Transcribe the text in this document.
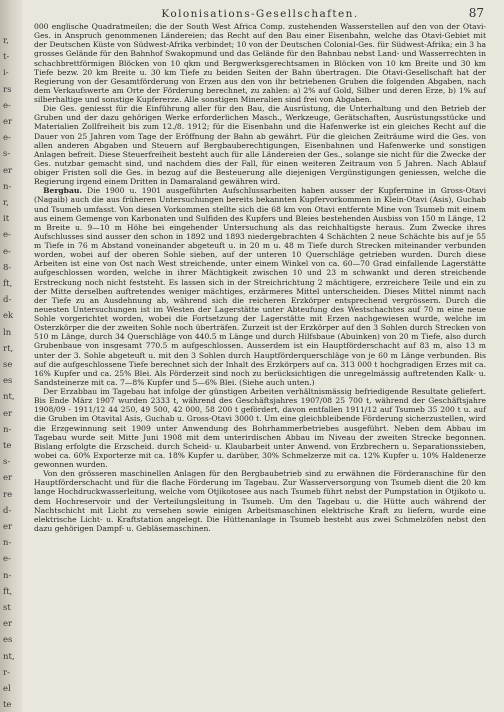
r,
t-
i-
rs
e-
er
e-
s-
er
n-
r,
it
e-
e-
8-
ft,
d-
ek
ln
rt,
se
es
nt,
er
n-
te
s-
er
re
d-
er
n-
e-
n-
ft,
st
er
es
nt,
r-
el
te
Kolonisations-Gesellschaften.	87

000 englische Quadratmeilen; die der South West Africa Comp. zustehenden Wasserstellen auf den von der Otavi-Ges. in Anspruch genommenen Ländereien; das Recht auf den Bau einer Eisenbahn, welche das Otavi-Gebiet mit der Deutschen Küste von Südwest-Afrika verbindet; 10 von der Deutschen Colonial-Ges. für Südwest-Afrika; ein 3 ha grosses Gelände für den Bahnhof Swakopmund und das Gelände für den Bahnbau nebst Land- und Wasserrechten in schachbrettförmigen Blöcken von 10 qkm und Bergwerksgerechtsamen in Blöcken von 10 km Breite und 30 km Tiefe bezw. 20 km Breite u. 30 km Tiefe zu beiden Seiten der Bahn übertragen. Die Otavi-Gesellschaft hat der Regierung von der Gesamtförderung von Erzen aus den von ihr betriebenen Gruben die folgenden Abgaben, nach dem Verkaufswerte am Orte der Förderung berechnet, zu zahlen: a) 2% auf Gold, Silber und deren Erze, b) 1% auf silberhaltige und sonstige Kupfererze. Alle sonstigen Mineralien sind frei von Abgaben.

Die Ges. geniesst für die Einführung aller für den Bau, die Ausrüstung, die Unterhaltung und den Betrieb der Gruben und der dazu gehörigen Werke erforderlichen Masch., Werkzeuge, Gerätschaften, Ausrüstungsstücke und Materialien Zollfreiheit bis zum 12./8. 1912; für die Eisenbahn und die Hafenwerke ist ein gleiches Recht auf die Dauer von 25 Jahren vom Tage der Eröffnung der Bahn ab gewährt. Für die gleichen Zeiträume wird die Ges. von allen anderen Abgaben und Steuern auf Bergbauberechtigungen, Eisenbahnen und Hafenwerke und sonstigen Anlagen befreit. Diese Steuerfreiheit besteht auch für alle Ländereien der Ges., solange sie nicht für die Zwecke der Ges. nutzbar gemacht sind, und nachdem dies der Fall, für einen weiteren Zeitraum von 5 Jahren. Nach Ablauf obiger Fristen soll die Ges. in bezug auf die Besteuerung alle diejenigen Vergünstigungen geniessen, welche die Regierung irgend einem Dritten in Damaraland gewähren wird.

Bergbau. Die 1900 u. 1901 ausgeführten Aufschlussarbeiten haben ausser der Kupfermine in Gross-Otavi (Nagaib) auch die aus früheren Untersuchungen bereits bekannten Kupfervorkommen in Klein-Otavi (Asis), Guchab und Tsumeb umfasst. Von diesen Vorkommen stellte sich die 68 km von Otavi entfernte Mine von Tsumeb mit einem aus einem Gemenge von Karbonaten und Sulfiden des Kupfers und Bleies bestehenden Ausbiss von 150 m Länge, 12 m Breite u. 9—10 m Höhe bei eingehender Untersuchung als das reichhaltigste heraus. Zum Zwecke ihres Aufschlusses sind ausser den schon in 1892 und 1893 niedergebrachten 4 Schächten 2 neue Schächte bis auf je 55 m Tiefe in 76 m Abstand voneinander abgeteuft u. in 20 m u. 48 m Tiefe durch Strecken miteinander verbunden worden, wobei auf der oberen Sohle sieben, auf der unteren 10 Querschläge getrieben wurden. Durch diese Arbeiten ist eine von Ost nach West streichende, unter einem Winkel von ca. 60—70 Grad einfallende Lagerstätte aufgeschlossen worden, welche in ihrer Mächtigkeit zwischen 10 und 23 m schwankt und deren streichende Erstreckung noch nicht feststeht. Es lassen sich in der Streichrichtung 2 mächtigere, erzreichere Teile und ein zu der Mitte derselben auftretendes weniger mächtiges, erzärmeres Mittel unterscheiden. Dieses Mittel nimmt nach der Tiefe zu an Ausdehnung ab, während sich die reicheren Erzkörper entsprechend vergrössern. Durch die neuesten Untersuchungen ist im Westen der Lagerstätte unter Abteufung des Westschachtes auf 70 m eine neue Sohle vorgerichtet worden, wobei die Fortsetzung der Lagerstätte mit Erzen nachgewiesen wurde, welche im Osterzkörper die der zweiten Sohle noch überträfen. Zurzeit ist der Erzkörper auf den 3 Sohlen durch Strecken von 510 m Länge, durch 34 Querschläge von 440.5 m Länge und durch Hilfsbaue (Abuinken) von 20 m Tiefe, also durch Grubenbaue von insgesamt 770.5 m aufgeschlossen. Ausserdem ist ein Hauptförderschacht auf 83 m, also 13 m unter der 3. Sohle abgeteuft u. mit den 3 Sohlen durch Hauptförderquerschläge von je 60 m Länge verbunden. Bis auf die aufgeschlossene Tiefe berechnet sich der Inhalt des Erzkörpers auf ca. 313 000 t hochgradigen Erzes mit ca. 16% Kupfer und ca. 25% Blei. Als Förderzeit sind noch zu berücksichtigen die unregelmässig auftretenden Kalk- u. Sandsteinerze mit ca. 7—8% Kupfer und 5—6% Blei. (Siehe auch unten.)

Der Erzabbau im Tagebau hat infolge der günstigen Arbeiten verhältnismässig befriedigende Resultate geliefert. Bis Ende März 1907 wurden 2333 t, während des Geschäftsjahres 1907/08 25 700 t, während der Geschäftsjahre 1908/09 - 1911/12 44 250, 49 500, 42 000, 58 200 t gefördert, davon entfallen 1911/12 auf Tsumeb 35 200 t u. auf die Gruben im Otavital Asis, Guchab u. Gross-Otavi 3000 t. Um eine gleichbleibende Förderung sicherzustellen, wird die Erzgewinnung seit 1909 unter Anwendung des Bohrhammerbetriebes ausgeführt. Neben dem Abbau im Tagebau wurde seit Mitte Juni 1908 mit dem unterirdischen Abbau im Niveau der zweiten Strecke begonnen. Bislang erfolgte die Erzscheid. durch Scheid- u. Klaubarbeit unter Anwend. von Erzbrechern u. Separationssieben, wobei ca. 60% Exporterze mit ca. 18% Kupfer u. darüber, 30% Schmelzerze mit ca. 12% Kupfer u. 10% Haldenerze gewonnen wurden.

Von den grösseren maschinellen Anlagen für den Bergbaubetrieb sind zu erwähnen die Förderanschine für den Hauptförderschacht und für die flache Förderung im Tagebau. Zur Wasserversorgung von Tsumeb dient die 20 km lange Hochdruckwasserleitung, welche vom Otjikotosee aus nach Tsumeb führt nebst der Pumpstation in Otjikoto u. dem Hochreservoir und der Verteilungsleitung in Tsumeb. Um den Tagebau u. die Hütte auch während der Nachtschicht mit Licht zu versehen sowie einigen Arbeitsmaschinen elektrische Kraft zu liefern, wurde eine elektrische Licht- u. Kraftstation angelegt. Die Hüttenanlage in Tsumeb besteht aus zwei Schmelzöfen nebst den dazu gehörigen Dampf- u. Gebläsemaschinen.
